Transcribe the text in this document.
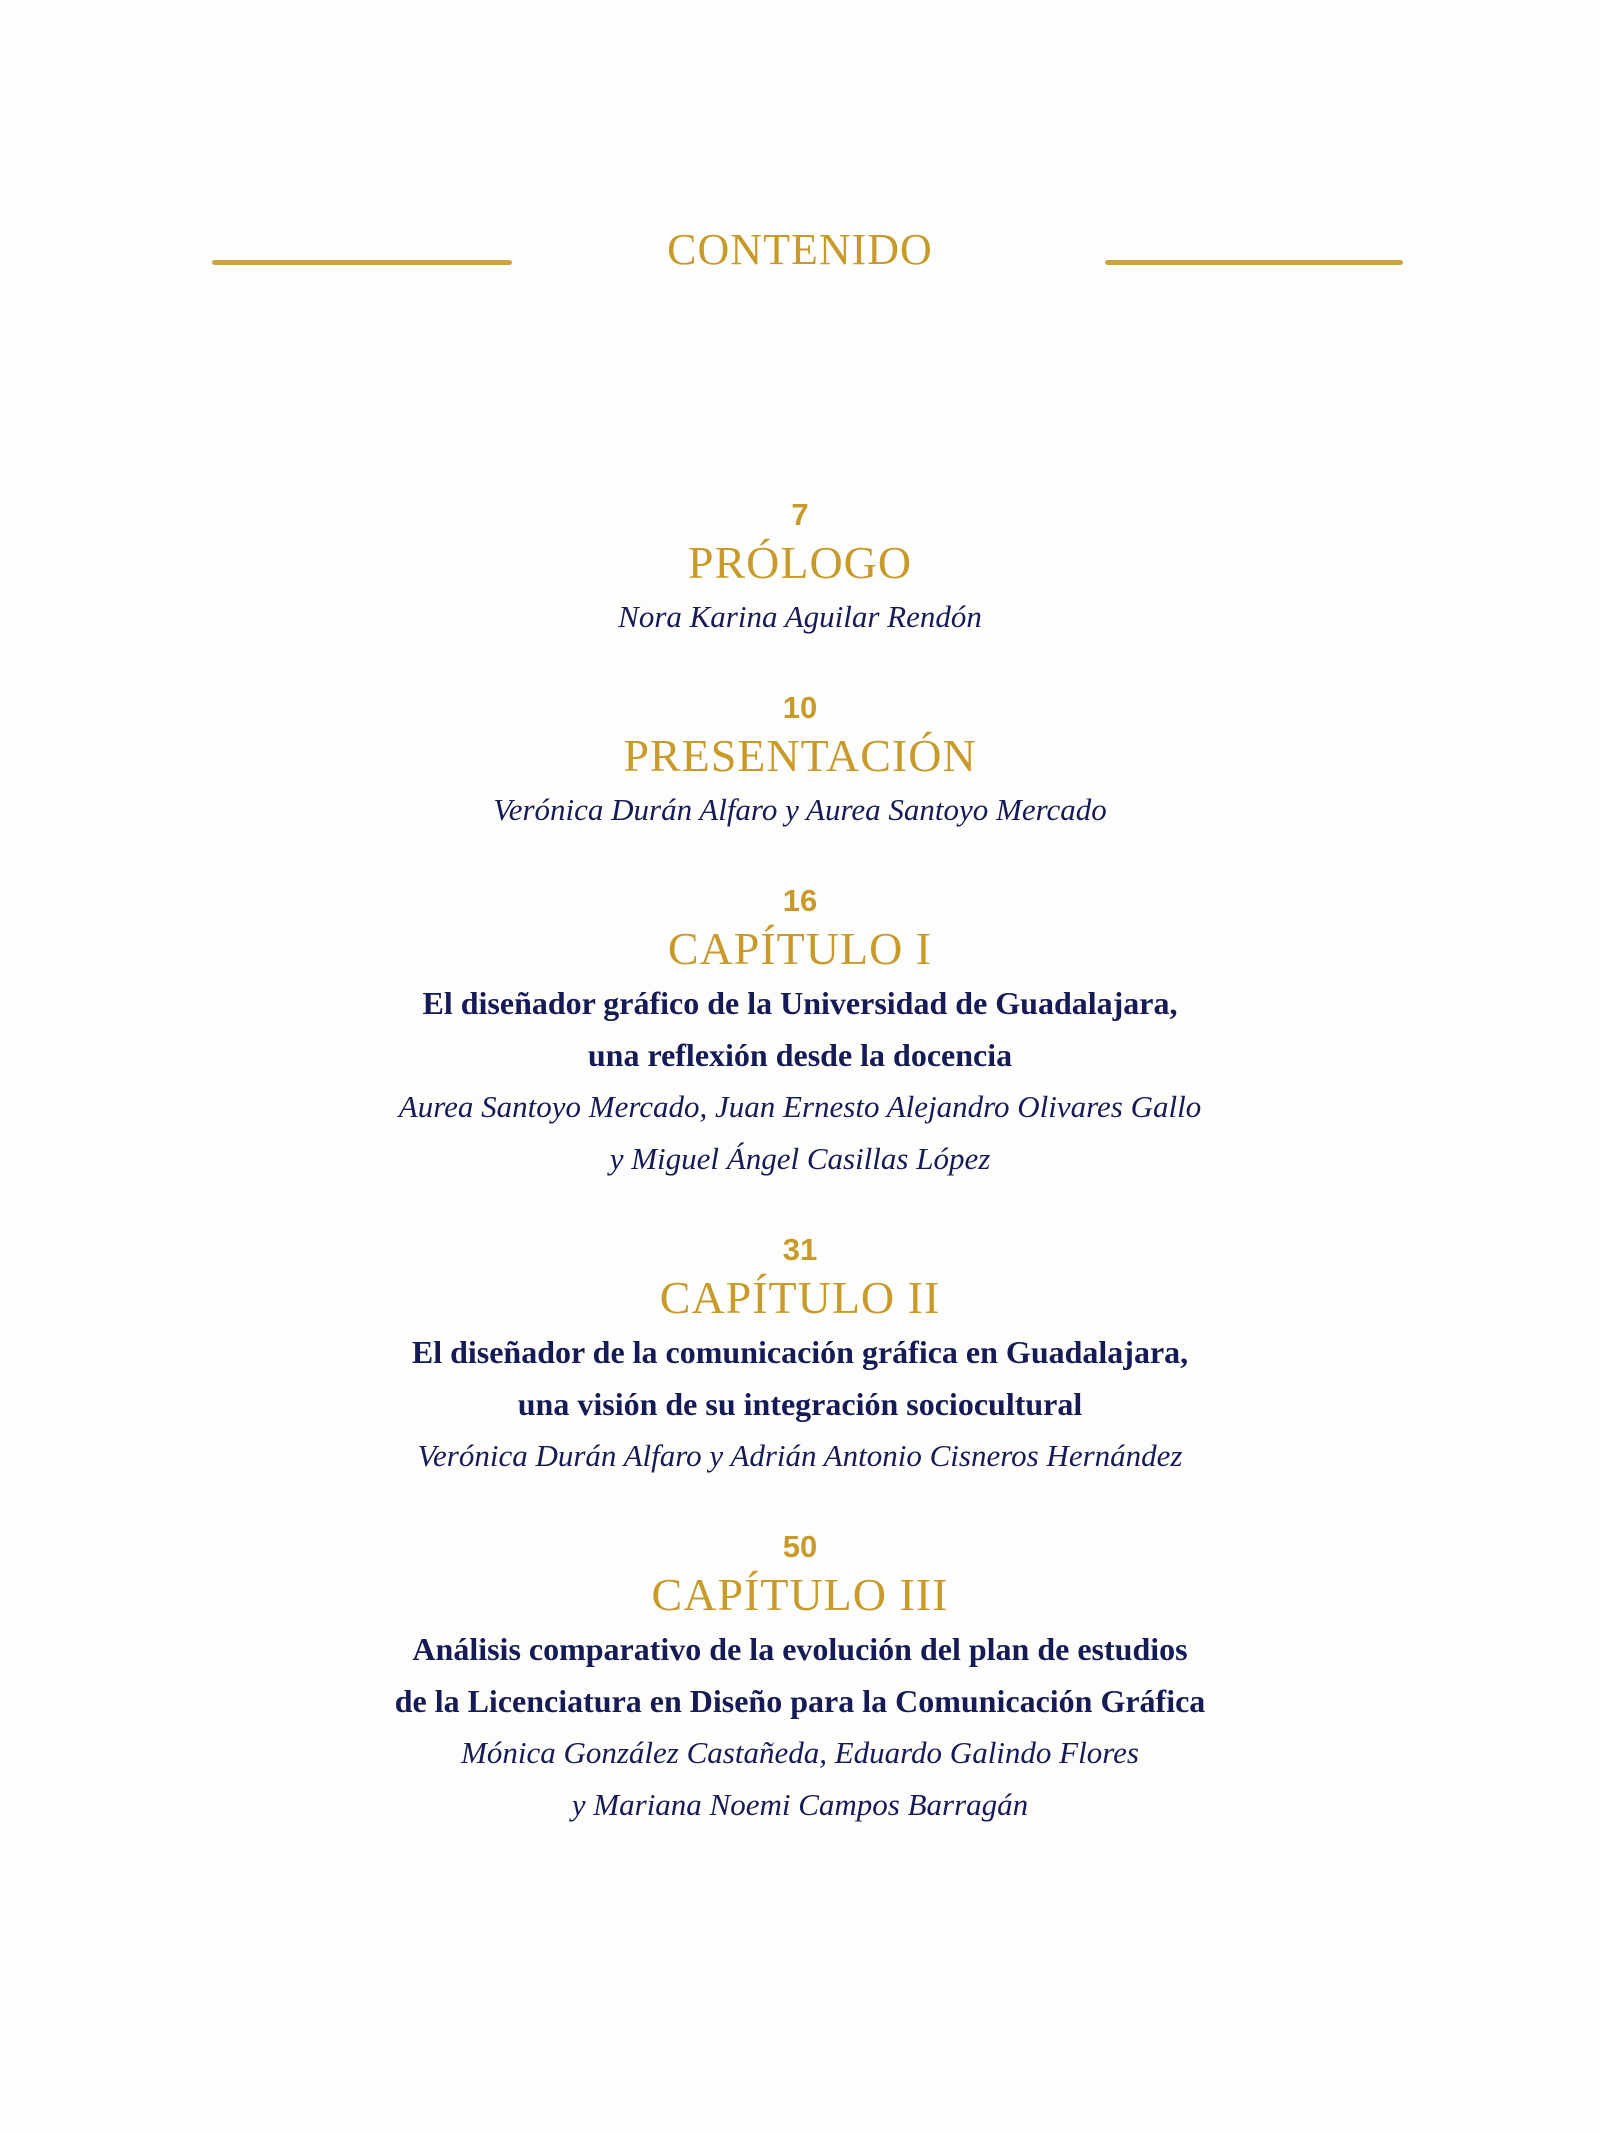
CONTENIDO
7
PRÓLOGO
Nora Karina Aguilar Rendón
10
PRESENTACIÓN
Verónica Durán Alfaro y Aurea Santoyo Mercado
16
CAPÍTULO I
El diseñador gráfico de la Universidad de Guadalajara,
una reflexión desde la docencia
Aurea Santoyo Mercado, Juan Ernesto Alejandro Olivares Gallo
y Miguel Ángel Casillas López
31
CAPÍTULO II
El diseñador de la comunicación gráfica en Guadalajara,
una visión de su integración sociocultural
Verónica Durán Alfaro y Adrián Antonio Cisneros Hernández
50
CAPÍTULO III
Análisis comparativo de la evolución del plan de estudios
de la Licenciatura en Diseño para la Comunicación Gráfica
Mónica González Castañeda, Eduardo Galindo Flores
y Mariana Noemi Campos Barragán
